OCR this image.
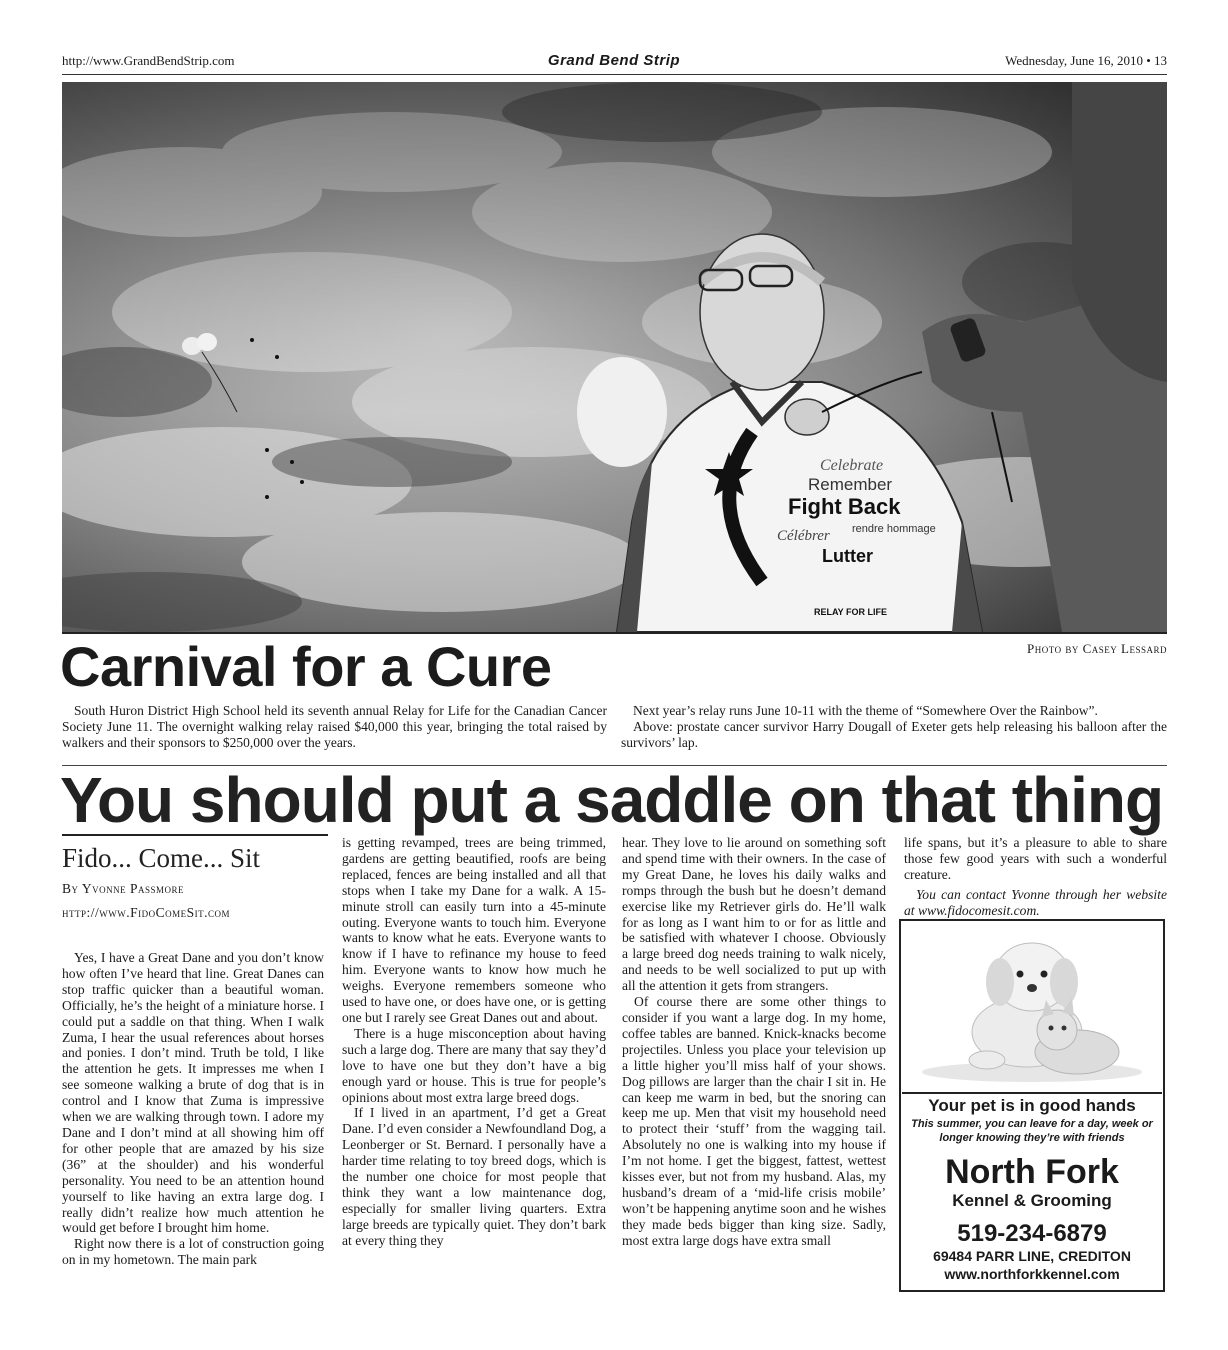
http://www.GrandBendStrip.com	Grand Bend Strip	Wednesday, June 16, 2010 • 13
Celebrate
Remember
Fight Back
Célébrer rendre hommage
Lutter
RELAY FOR LIFE
Photo by Casey Lessard
Carnival for a Cure

South Huron District High School held its seventh annual Relay for Life for the Canadian Cancer Society June 11. The overnight walking relay raised $40,000 this year, bringing the total raised by walkers and their sponsors to $250,000 over the years.

Next year’s relay runs June 10-11 with the theme of “Somewhere Over the Rainbow”.

Above: prostate cancer survivor Harry Dougall of Exeter gets help releasing his balloon after the survivors’ lap.

You should put a saddle on that thing
Fido... Come... Sit
By Yvonne Passmore
http://www.FidoComeSit.com

Yes, I have a Great Dane and you don’t know how often I’ve heard that line. Great Danes can stop traffic quicker than a beautiful woman. Officially, he’s the height of a miniature horse. I could put a saddle on that thing. When I walk Zuma, I hear the usual references about horses and ponies. I don’t mind. Truth be told, I like the attention he gets. It impresses me when I see someone walking a brute of dog that is in control and I know that Zuma is impressive when we are walking through town. I adore my Dane and I don’t mind at all showing him off for other people that are amazed by his size (36” at the shoulder) and his wonderful personality. You need to be an attention hound yourself to like having an extra large dog. I really didn’t realize how much attention he would get before I brought him home.

Right now there is a lot of construction going on in my hometown. The main park

is getting revamped, trees are being trimmed, gardens are getting beautified, roofs are being replaced, fences are being installed and all that stops when I take my Dane for a walk. A 15- minute stroll can easily turn into a 45-minute outing. Everyone wants to touch him. Everyone wants to know what he eats. Everyone wants to know if I have to refinance my house to feed him. Everyone wants to know how much he weighs. Everyone remembers someone who used to have one, or does have one, or is getting one but I rarely see Great Danes out and about.

There is a huge misconception about having such a large dog. There are many that say they’d love to have one but they don’t have a big enough yard or house. This is true for people’s opinions about most extra large breed dogs.

If I lived in an apartment, I’d get a Great Dane. I’d even consider a Newfoundland Dog, a Leonberger or St. Bernard. I personally have a harder time relating to toy breed dogs, which is the number one choice for most people that think they want a low maintenance dog, especially for smaller living quarters. Extra large breeds are typically quiet. They don’t bark at every thing they

hear. They love to lie around on something soft and spend time with their owners. In the case of my Great Dane, he loves his daily walks and romps through the bush but he doesn’t demand exercise like my Retriever girls do. He’ll walk for as long as I want him to or for as little and be satisfied with whatever I choose. Obviously a large breed dog needs training to walk nicely, and needs to be well socialized to put up with all the attention it gets from strangers.

Of course there are some other things to consider if you want a large dog. In my home, coffee tables are banned. Knick-knacks become projectiles. Unless you place your television up a little higher you’ll miss half of your shows. Dog pillows are larger than the chair I sit in. He can keep me warm in bed, but the snoring can keep me up. Men that visit my household need to protect their ‘stuff’ from the wagging tail. Absolutely no one is walking into my house if I’m not home. I get the biggest, fattest, wettest kisses ever, but not from my husband. Alas, my husband’s dream of a ‘mid-life crisis mobile’ won’t be happening anytime soon and he wishes they made beds bigger than king size. Sadly, most extra large dogs have extra small

life spans, but it’s a pleasure to able to share those few good years with such a wonderful creature.

You can contact Yvonne through her website at www.fidocomesit.com.

Your pet is in good hands
This summer, you can leave for a day, week or longer knowing they’re with friends
North Fork
Kennel & Grooming
519-234-6879
69484 PARR LINE, CREDITON
www.northforkkennel.com
